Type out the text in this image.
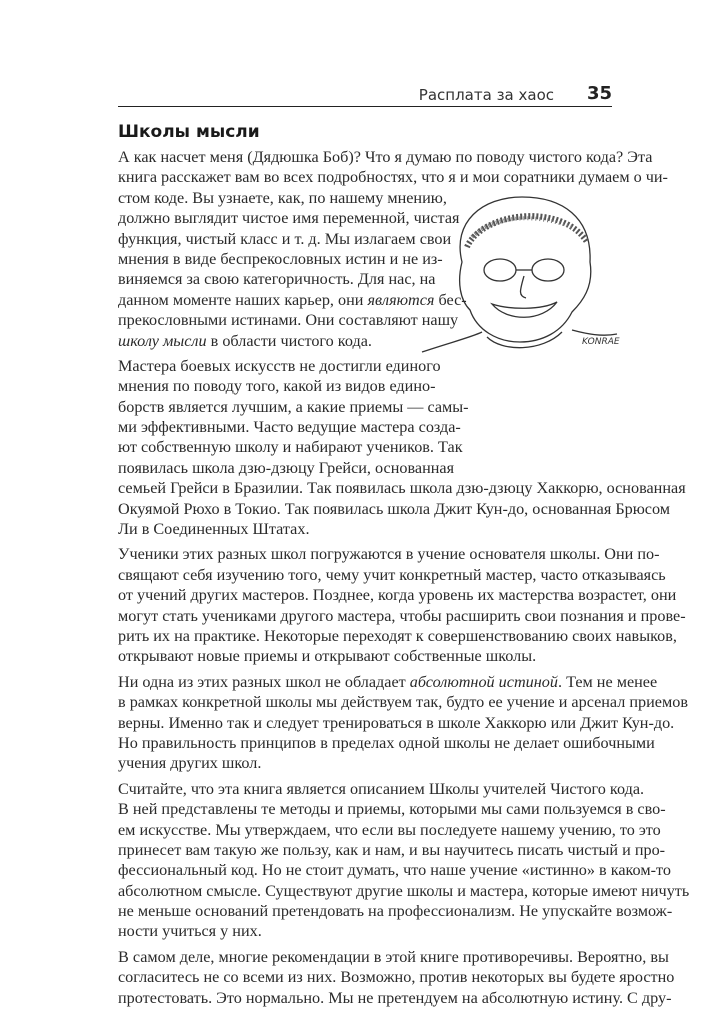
Расплата за хаос 35
Школы мысли
KONRAE
А как насчет меня (Дядюшка Боб)? Что я думаю по поводу чистого кода? Эта
книга расскажет вам во всех подробностях, что я и мои соратники думаем о чи-
стом коде. Вы узнаете, как, по нашему мнению,
должно выглядит чистое имя переменной, чистая
функция, чистый класс и т. д. Мы излагаем свои
мнения в виде беспрекословных истин и не из-
виняемся за свою категоричность. Для нас, на
данном моменте наших карьер, они являются бес-
прекословными истинами. Они составляют нашу
школу мысли в области чистого кода.
Мастера боевых искусств не достигли единого
мнения по поводу того, какой из видов едино-
борств является лучшим, а какие приемы — самы-
ми эффективными. Часто ведущие мастера созда-
ют собственную школу и набирают учеников. Так
появилась школа дзю-дзюцу Грейси, основанная
семьей Грейси в Бразилии. Так появилась школа дзю-дзюцу Хаккорю, основанная
Окуямой Рюхо в Токио. Так появилась школа Джит Кун-до, основанная Брюсом
Ли в Соединенных Штатах.
Ученики этих разных школ погружаются в учение основателя школы. Они по-
свящают себя изучению того, чему учит конкретный мастер, часто отказываясь
от учений других мастеров. Позднее, когда уровень их мастерства возрастет, они
могут стать учениками другого мастера, чтобы расширить свои познания и прове-
рить их на практике. Некоторые переходят к совершенствованию своих навыков,
открывают новые приемы и открывают собственные школы.
Ни одна из этих разных школ не обладает абсолютной истиной. Тем не менее
в рамках конкретной школы мы действуем так, будто ее учение и арсенал приемов
верны. Именно так и следует тренироваться в школе Хаккорю или Джит Кун-до.
Но правильность принципов в пределах одной школы не делает ошибочными
учения других школ.
Считайте, что эта книга является описанием Школы учителей Чистого кода.
В ней представлены те методы и приемы, которыми мы сами пользуемся в сво-
ем искусстве. Мы утверждаем, что если вы последуете нашему учению, то это
принесет вам такую же пользу, как и нам, и вы научитесь писать чистый и про-
фессиональный код. Но не стоит думать, что наше учение «истинно» в каком-то
абсолютном смысле. Существуют другие школы и мастера, которые имеют ничуть
не меньше оснований претендовать на профессионализм. Не упускайте возмож-
ности учиться у них.
В самом деле, многие рекомендации в этой книге противоречивы. Вероятно, вы
согласитесь не со всеми из них. Возможно, против некоторых вы будете яростно
протестовать. Это нормально. Мы не претендуем на абсолютную истину. С дру-
